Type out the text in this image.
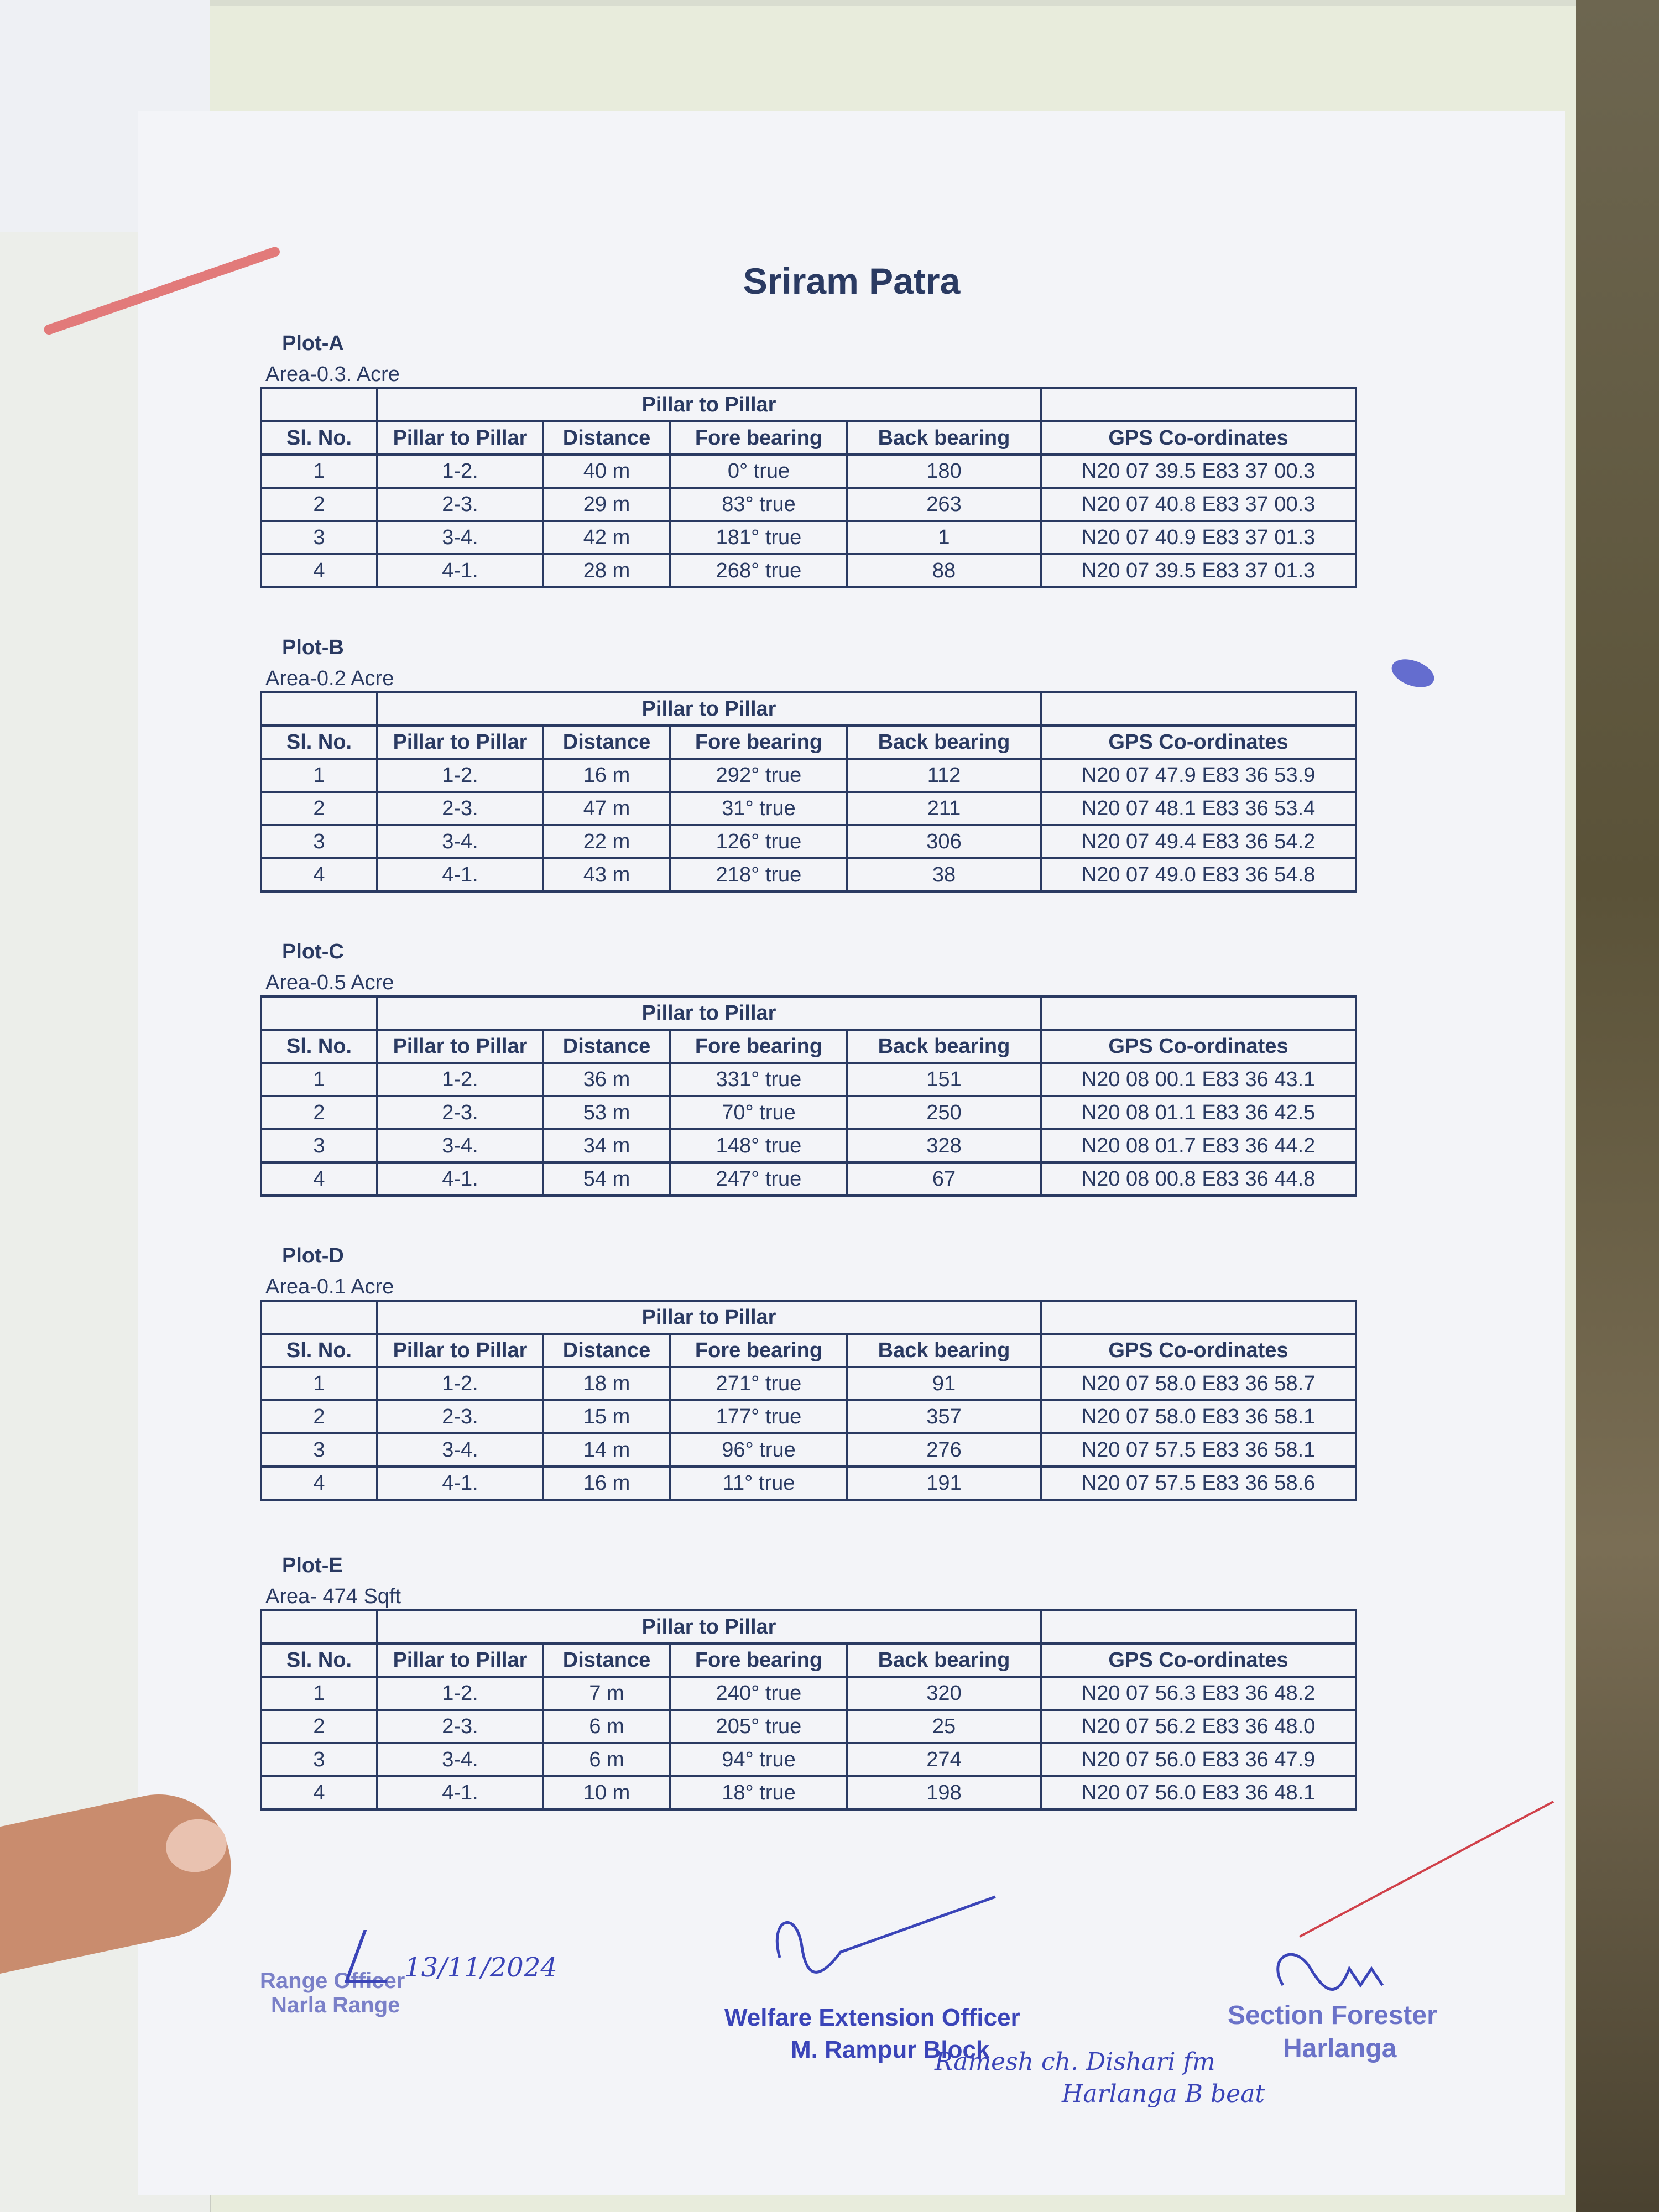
Sriram Patra
Plot-A
Area-0.3. Acre
	Pillar to Pillar				
Sl. No.	Pillar to Pillar	Distance	Fore bearing	Back bearing	GPS Co-ordinates
1	1-2.	40 m	0° true	180	N20 07 39.5 E83 37 00.3
2	2-3.	29 m	83° true	263	N20 07 40.8 E83 37 00.3
3	3-4.	42 m	181° true	1	N20 07 40.9 E83 37 01.3
4	4-1.	28 m	268° true	88	N20 07 39.5 E83 37 01.3
Plot-B
Area-0.2 Acre
	Pillar to Pillar				
Sl. No.	Pillar to Pillar	Distance	Fore bearing	Back bearing	GPS Co-ordinates
1	1-2.	16 m	292° true	112	N20 07 47.9 E83 36 53.9
2	2-3.	47 m	31° true	211	N20 07 48.1 E83 36 53.4
3	3-4.	22 m	126° true	306	N20 07 49.4 E83 36 54.2
4	4-1.	43 m	218° true	38	N20 07 49.0 E83 36 54.8
Plot-C
Area-0.5 Acre
	Pillar to Pillar				
Sl. No.	Pillar to Pillar	Distance	Fore bearing	Back bearing	GPS Co-ordinates
1	1-2.	36 m	331° true	151	N20 08 00.1 E83 36 43.1
2	2-3.	53 m	70° true	250	N20 08 01.1 E83 36 42.5
3	3-4.	34 m	148° true	328	N20 08 01.7 E83 36 44.2
4	4-1.	54 m	247° true	67	N20 08 00.8 E83 36 44.8
Plot-D
Area-0.1 Acre
	Pillar to Pillar				
Sl. No.	Pillar to Pillar	Distance	Fore bearing	Back bearing	GPS Co-ordinates
1	1-2.	18 m	271° true	91	N20 07 58.0 E83 36 58.7
2	2-3.	15 m	177° true	357	N20 07 58.0 E83 36 58.1
3	3-4.	14 m	96° true	276	N20 07 57.5 E83 36 58.1
4	4-1.	16 m	11° true	191	N20 07 57.5 E83 36 58.6
Plot-E
Area- 474 Sqft
	Pillar to Pillar				
Sl. No.	Pillar to Pillar	Distance	Fore bearing	Back bearing	GPS Co-ordinates
1	1-2.	7 m	240° true	320	N20 07 56.3 E83 36 48.2
2	2-3.	6 m	205° true	25	N20 07 56.2 E83 36 48.0
3	3-4.	6 m	94° true	274	N20 07 56.0 E83 36 47.9
4	4-1.	10 m	18° true	198	N20 07 56.0 E83 36 48.1
Range Officer
Narla Range
13/11/2024
Welfare Extension Officer
M. Rampur Block
Ramesh ch. Dishari fm
Harlanga B beat
Section Forester
Harlanga
